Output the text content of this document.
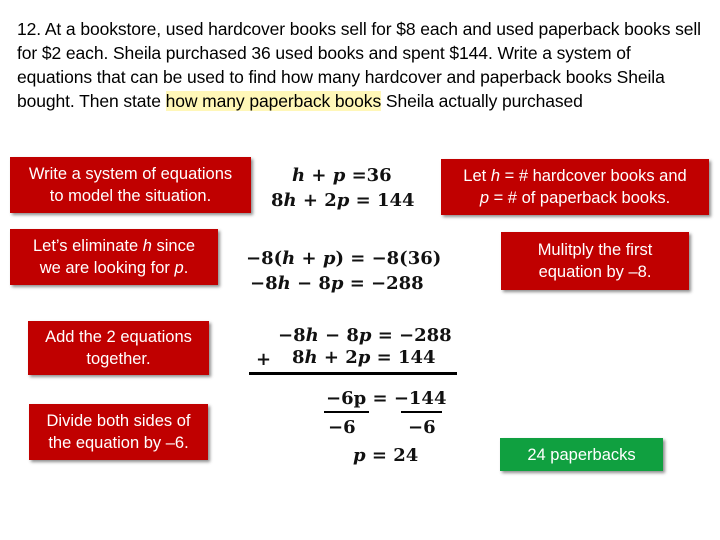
12. At a bookstore, used hardcover books sell for $8 each and used paperback books sell for $2 each. Sheila purchased 36 used books and spent $144. Write a system of equations that can be used to find how many hardcover and paperback books Sheila bought. Then state how many paperback books Sheila actually purchased
Write a system of equations
to model the situation.
Let’s eliminate h since
we are looking for p.
Add the 2 equations
together.
Divide both sides of
the equation by –6.
Let h = # hardcover books and
p = # of paperback books.
Mulitply the first
equation by –8.
24 paperbacks
h + p =36
8h + 2p = 144
−8(h + p) = −8(36)
−8h − 8p = −288
−8h − 8p = −288
+ 8h + 2p = 144
−6p = −144
−6	−6
p = 24
